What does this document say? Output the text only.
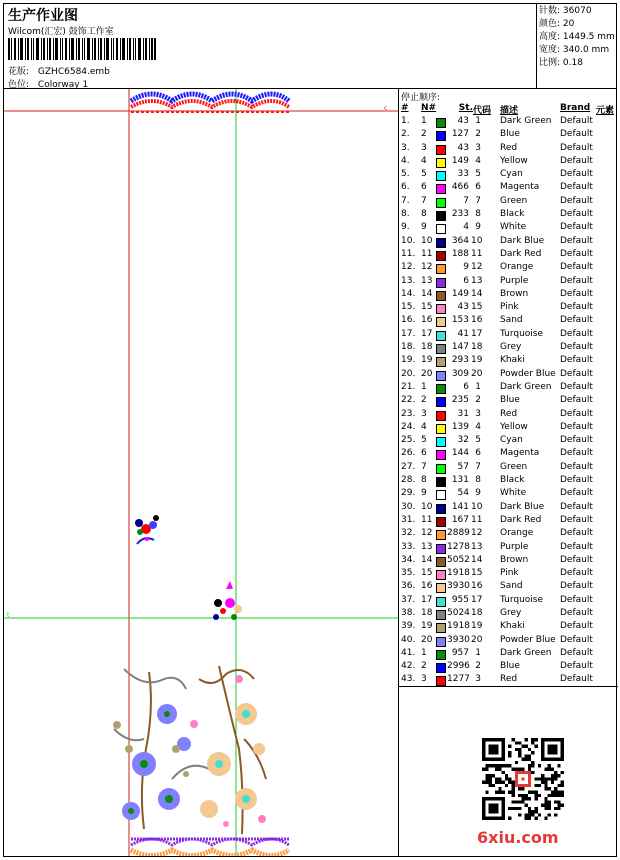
生产作业图
Wilcom(汇宏) 鼓饰工作室
花版: GZHC6584.emb
色位: Colorway 1
针数: 36070
颜色: 20
高度: 1449.5 mm
宽度: 340.0 mm
比例: 0.18
c
t
停止顺序:
# N#	St. 代码 描述	Brand 元素
1. 1	43 1 Dark Green Default
2. 2	127 2 Blue	Default
3. 3	43 3 Red	Default
4. 4	149 4 Yellow	Default
5. 5	33 5 Cyan	Default
6. 6	466 6 Magenta Default
7. 7	7 7 Green	Default
8. 8	233 8 Black	Default
9. 9	4 9 White	Default
10. 10	364 10 Dark Blue Default
11. 11	188 11 Dark Red Default
12. 12	9 12 Orange	Default
13. 13	6 13 Purple	Default
14. 14	149 14 Brown	Default
15. 15	43 15 Pink	Default
16. 16	153 16 Sand	Default
17. 17	41 17 Turquoise Default
18. 18	147 18 Grey	Default
19. 19	293 19 Khaki	Default
20. 20	309 20 Powder Blue Default
21. 1	6 1 Dark Green Default
22. 2	235 2 Blue	Default
23. 3	31 3 Red	Default
24. 4	139 4 Yellow	Default
25. 5	32 5 Cyan	Default
26. 6	144 6 Magenta Default
27. 7	57 7 Green	Default
28. 8	131 8 Black	Default
29. 9	54 9 White	Default
30. 10	141 10 Dark Blue Default
31. 11	167 11 Dark Red Default
32. 12 2889 12 Orange	Default
33. 13 1278 13 Purple	Default
34. 14 5052 14 Brown	Default
35. 15 1918 15 Pink	Default
36. 16 3930 16 Sand	Default
37. 17	955 17 Turquoise Default
38. 18 5024 18 Grey	Default
39. 19 1918 19 Khaki	Default
40. 20 3930 20 Powder Blue Default
41. 1	957 1 Dark Green Default
42. 2 2996 2 Blue	Default
43. 3 1277 3 Red	Default
6xiu.com
